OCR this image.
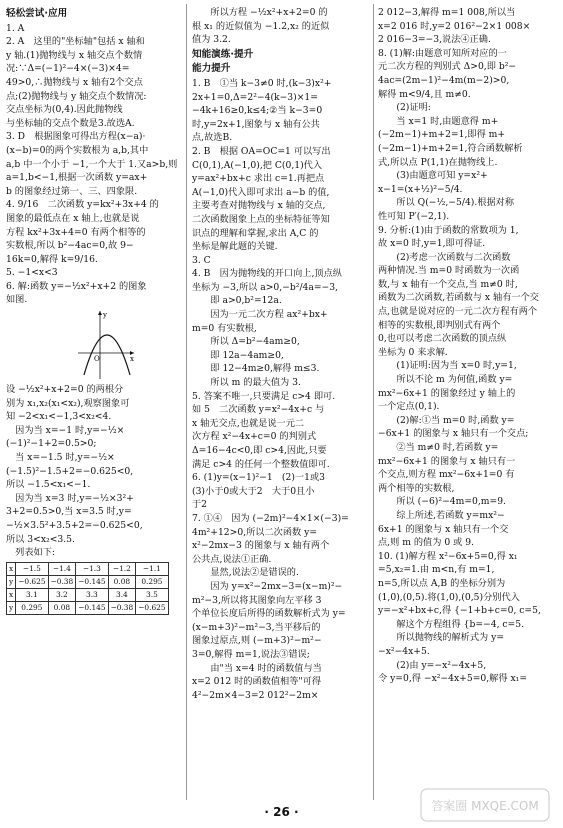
轻松尝试·应用

1. A

2. A　这里的"坐标轴"包括 x 轴和

y 轴.(1)抛物线与 x 轴交点个数情

况:∵Δ=(−1)²−4×(−3)×4=

49>0,∴抛物线与 x 轴有2个交点

点;(2)抛物线与 y 轴交点个数情况:

交点坐标为(0,4).因此抛物线

与坐标轴的交点个数是3.故选A.

3. D　根据图象可得出方程(x−a)·

(x−b)=0的两个实数根为 a,b,其中

a,b 中一个小于 −1,一个大于 1.又a>b,则

a=1,b<−1,根据一次函数 y=ax+

b 的图象经过第一、三、四象限.

4. 9/16　二次函数 y=kx²+3x+4 的

图象的最低点在 x 轴上,也就是说

方程 kx²+3x+4=0 有两个相等的

实数根,所以 b²−4ac=0,故 9−

16k=0,解得 k=9/16.

5. −1<x<3

6. 解:函数 y=−½x²+x+2 的图象

如图.

y
x
O

设 −½x²+x+2=0 的两根分

别为 x₁,x₂(x₁<x₂),观察图象可

知 −2<x₁<−1,3<x₂<4.

　因为当 x=−1 时,y=−½×

(−1)²−1+2=0.5>0;

　当 x=−1.5 时,y=−½×

(−1.5)²−1.5+2=−0.625<0,

所以 −1.5<x₁<−1.

　因为当 x=3 时,y=−½×3²+

3+2=0.5>0,当 x=3.5 时,y=

−½×3.5²+3.5+2=−0.625<0,

所以 3<x₂<3.5.

　列表如下:

x	−1.5	−1.4	−1.3	−1.2	−1.1
y	−0.625	−0.38	−0.145	0.08	0.295
x	3.1	3.2	3.3	3.4	3.5
y	0.295	0.08	−0.145	−0.38	−0.625

　　所以方程 −½x²+x+2=0 的

根 x₁ 的近似值为 −1.2,x₂ 的近似

值为 3.2.

知能演练·提升
能力提升

1. B　①当 k−3≠0 时,(k−3)x²+

2x+1=0,Δ=2²−4(k−3)×1=

−4k+16≥0,k≤4;②当 k−3=0

时,y=2x+1,图象与 x 轴有公共

点,故选B.

2. B　根据 OA=OC=1 可以写出

C(0,1),A(−1,0),把 C(0,1)代入

y=ax²+bx+c 求出 c=1.再把点

A(−1,0)代入即可求出 a−b 的值,

主要考查对抛物线与 x 轴的交点,

二次函数图象上点的坐标特征等知

识点的理解和掌握,求出 A,C 的

坐标是解此题的关键.

3. C

4. B　因为抛物线的开口向上,顶点纵

坐标为 −3,所以 a>0,−b²/4a=−3,

　　即 a>0,b²=12a.

　　因为一元二次方程 ax²+bx+

m=0 有实数根,

　　所以 Δ=b²−4am≥0,

　　即 12a−4am≥0,

　　即 12−4m≥0,解得 m≤3.

　　所以 m 的最大值为 3.

5. 答案不唯一,只要满足 c>4 即可.

如 5　二次函数 y=x²−4x+c 与

x 轴无交点,也就是说一元二

次方程 x²−4x+c=0 的判别式

Δ=16−4c<0,即 c>4,因此,只要

满足 c>4 的任何一个整数值即可.

6. (1)y=(x−1)²−1　(2)一1或3

(3)小于0或大于2　大于0且小

于2

7. ①④　因为 (−2m)²−4×1×(−3)=

4m²+12>0,所以二次函数 y=

x²−2mx−3 的图象与 x 轴有两个

公共点,说法①正确.

　　显然,说法②是错误的.

　　因为 y=x²−2mx−3=(x−m)²−

m²−3,所以将其图象向左平移 3

个单位长度后所得的函数解析式为 y=

(x−m+3)²−m²−3,当平移后的

图象过原点,则 (−m+3)²−m²−

3=0,解得 m=1,说法③错误;

　　由"当 x=4 时的函数值与当

x=2 012 时的函数值相等"可得

4²−2m×4−3=2 012²−2m×

2 012−3,解得 m=1 008,所以当

x=2 016 时,y=2 016²−2×1 008×

2 016−3=−3,说法④正确.

8. (1)解:由题意可知所对应的一

元二次方程的判别式 Δ>0,即 b²−

4ac=(2m−1)²−4m(m−2)>0,

解得 m<9/4,且 m≠0.

　　(2)证明:

　　当 x=1 时,由题意得 m+

(−2m−1)+m+2=1,即得 m+

(−2m−1)+m+2=1,符合函数解析

式,所以点 P(1,1)在抛物线上.

　　(3)由题意可知 y=x²+

x−1=(x+½)²−5/4.

　　所以 Q(−½,−5/4).根据对称

性可知 P′(−2,1).

9. 分析:(1)由于函数的常数项为 1,

故 x=0 时,y=1,即可得证.

　　(2)考虑一次函数与二次函数

两种情况.当 m=0 时函数为一次函

数,与 x 轴有一个交点,当 m≠0 时,

函数为二次函数,若函数与 x 轴有一个交

点,也就是说对应的一元二次方程有两个

相等的实数根,即判别式有两个

0,也可以考虑二次函数的顶点纵

坐标为 0 来求解.

　　(1)证明:因为当 x=0 时,y=1,

　　所以不论 m 为何值,函数 y=

mx²−6x+1 的图象经过 y 轴上的

一个定点(0,1).

　　(2)解:①当 m=0 时,函数 y=

−6x+1 的图象与 x 轴只有一个交点;

　　②当 m≠0 时,若函数 y=

mx²−6x+1 的图象与 x 轴只有一

个交点,则方程 mx²−6x+1=0 有

两个相等的实数根,

　　所以 (−6)²−4m=0,m=9.

　　综上所述,若函数 y=mx²−

6x+1 的图象与 x 轴只有一个交

点,则 m 的值为 0 或 9.

10. (1)解方程 x²−6x+5=0,得 x₁

=5,x₂=1.由 m<n,有 m=1,

n=5,所以点 A,B 的坐标分别为

(1,0),(0,5).将(1,0),(0,5)分别代入

y=−x²+bx+c,得 {−1+b+c=0, c=5,

　　解这个方程组得 {b=−4, c=5.

　　所以抛物线的解析式为 y=

−x²−4x+5.

　　(2)由 y=−x²−4x+5,

令 y=0,得 −x²−4x+5=0,解得 x₁=

· 26 ·	答案圈 MXQE.COM
